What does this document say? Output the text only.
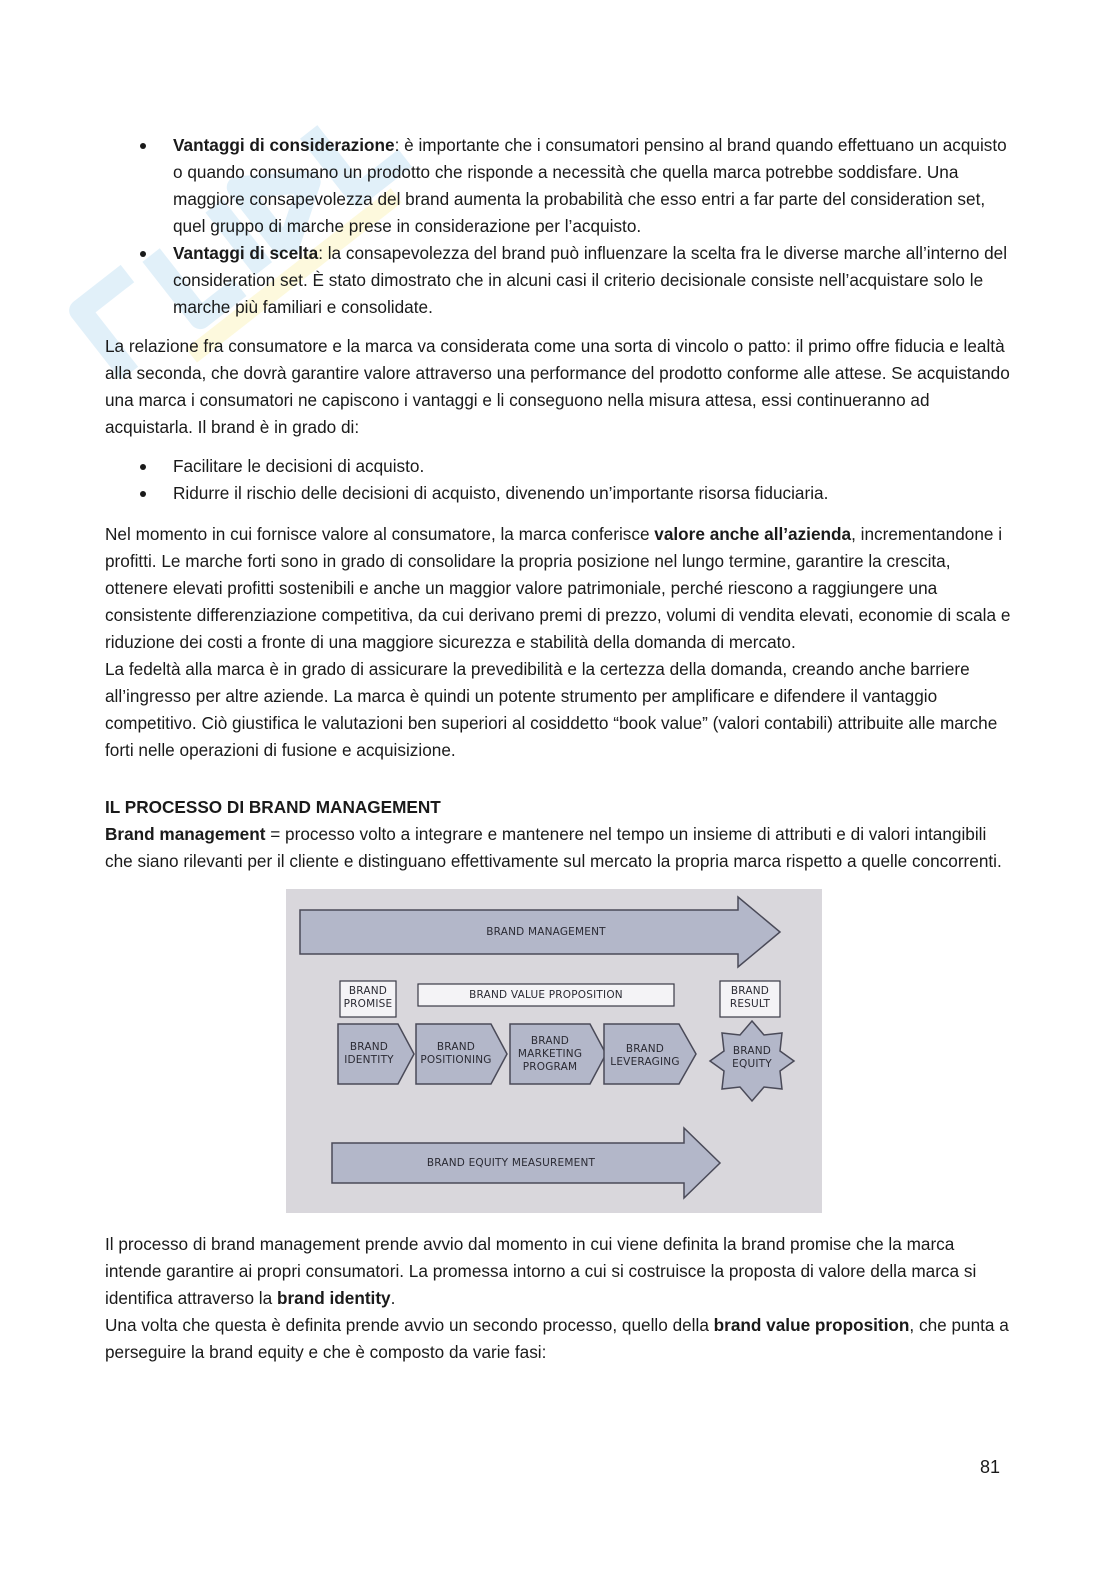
Vantaggi di considerazione: è importante che i consumatori pensino al brand quando effettuano un acquisto o quando consumano un prodotto che risponde a necessità che quella marca potrebbe soddisfare. Una maggiore consapevolezza del brand aumenta la probabilità che esso entri a far parte del consideration set, quel gruppo di marche prese in considerazione per l’acquisto.
Vantaggi di scelta: la consapevolezza del brand può influenzare la scelta fra le diverse marche all’interno del consideration set. È stato dimostrato che in alcuni casi il criterio decisionale consiste nell’acquistare solo le marche più familiari e consolidate.

La relazione fra consumatore e la marca va considerata come una sorta di vincolo o patto: il primo offre fiducia e lealtà alla seconda, che dovrà garantire valore attraverso una performance del prodotto conforme alle attese. Se acquistando una marca i consumatori ne capiscono i vantaggi e li conseguono nella misura attesa, essi continueranno ad acquistarla. Il brand è in grado di:

Facilitare le decisioni di acquisto.
Ridurre il rischio delle decisioni di acquisto, divenendo un’importante risorsa fiduciaria.

Nel momento in cui fornisce valore al consumatore, la marca conferisce valore anche all’azienda, incrementandone i profitti. Le marche forti sono in grado di consolidare la propria posizione nel lungo termine, garantire la crescita, ottenere elevati profitti sostenibili e anche un maggior valore patrimoniale, perché riescono a raggiungere una consistente differenziazione competitiva, da cui derivano premi di prezzo, volumi di vendita elevati, economie di scala e riduzione dei costi a fronte di una maggiore sicurezza e stabilità della domanda di mercato.

La fedeltà alla marca è in grado di assicurare la prevedibilità e la certezza della domanda, creando anche barriere all’ingresso per altre aziende. La marca è quindi un potente strumento per amplificare e difendere il vantaggio competitivo. Ciò giustifica le valutazioni ben superiori al cosiddetto “book value” (valori contabili) attribuite alle marche forti nelle operazioni di fusione e acquisizione.

IL PROCESSO DI BRAND MANAGEMENT

Brand management = processo volto a integrare e mantenere nel tempo un insieme di attributi e di valori intangibili che siano rilevanti per il cliente e distinguano effettivamente sul mercato la propria marca rispetto a quelle concorrenti.

BRAND MANAGEMENT
BRAND
PROMISE
BRAND VALUE PROPOSITION	BRAND
RESULT
BRAND
IDENTITY
BRAND
POSITIONING
BRAND
MARKETING
PROGRAM
BRAND
LEVERAGING
BRAND
EQUITY
BRAND EQUITY MEASUREMENT

Il processo di brand management prende avvio dal momento in cui viene definita la brand promise che la marca intende garantire ai propri consumatori. La promessa intorno a cui si costruisce la proposta di valore della marca si identifica attraverso la brand identity.

Una volta che questa è definita prende avvio un secondo processo, quello della brand value proposition, che punta a perseguire la brand equity e che è composto da varie fasi:

81
